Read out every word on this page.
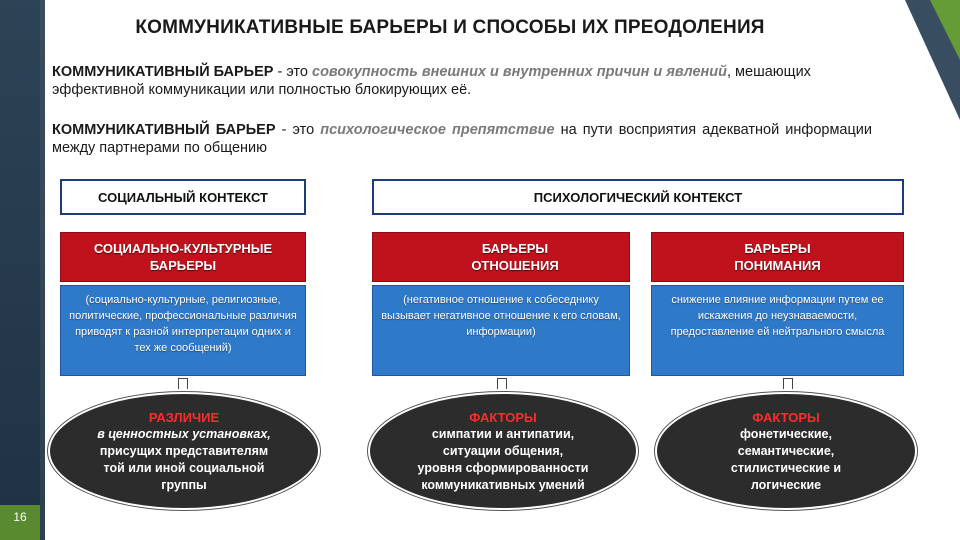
КОММУНИКАТИВНЫЕ БАРЬЕРЫ И СПОСОБЫ ИХ ПРЕОДОЛЕНИЯ
КОММУНИКАТИВНЫЙ БАРЬЕР - это совокупность внешних и внутренних причин и явлений, мешающих эффективной коммуникации или полностью блокирующих её.
КОММУНИКАТИВНЫЙ БАРЬЕР - это психологическое препятствие на пути восприятия адекватной информации между партнерами по общению
СОЦИАЛЬНЫЙ КОНТЕКСТ	ПСИХОЛОГИЧЕСКИЙ КОНТЕКСТ
СОЦИАЛЬНО-КУЛЬТУРНЫЕ
БАРЬЕРЫ
БАРЬЕРЫ
ОТНОШЕНИЯ
БАРЬЕРЫ
ПОНИМАНИЯ
(социально-культурные, религиозные, политические, профессиональные различия приводят к разной интерпретации одних и тех же сообщений)
(негативное отношение к собеседнику вызывает негативное отношение к его словам, информации)
снижение влияние информации путем ее искажения до неузнаваемости, предоставление ей нейтрального смысла
РАЗЛИЧИЕ
в ценностных установках,
присущих представителям
той или иной социальной
группы
ФАКТОРЫ
симпатии и антипатии,
ситуации общения,
уровня сформированности
коммуникативных умений
ФАКТОРЫ
фонетические,
семантические,
стилистические и
логические
16
